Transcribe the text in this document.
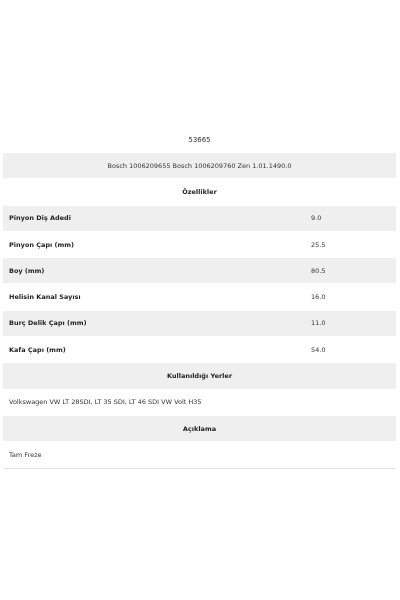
53665
Bosch 1006209655 Bosch 1006209760 Zen 1.01.1490.0
Özellikler
Pinyon Diş Adedi	9.0
Pinyon Çapı (mm)	25.5
Boy (mm)	80.5
Helisin Kanal Sayısı	16.0
Burç Delik Çapı (mm)	11.0
Kafa Çapı (mm)	54.0
Kullanıldığı Yerler
Volkswagen VW LT 28SDI, LT 35 SDI, LT 46 SDI VW Volt H35
Açıklama
Tam Freze
